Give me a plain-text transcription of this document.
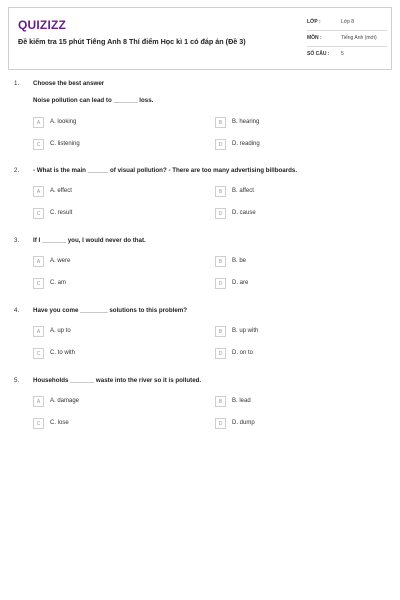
QUIZIZZ
Đề kiểm tra 15 phút Tiếng Anh 8 Thí điểm Học kì 1 có đáp án (Đề 3)
LỚP :	Lớp 8
MÔN :	Tiếng Anh (mới)
SỐ CÂU : 5
1. Choose the best answer
Noise pollution can lead to _______ loss.
A	A. looking	B	B. hearing
C	C. listening	D	D. reading
2. - What is the main ______ of visual pollution? - There are too many advertising billboards.
A	A. effect	B	B. affect
C	C. result	D	D. cause
3. If I _______ you, I would never do that.
A	A. were	B	B. be
C	C. am	D	D. are
4. Have you come ________ solutions to this problem?
A	A. up to	B	B. up with
C	C. to with	D	D. on to
5. Households _______ waste into the river so it is polluted.
A	A. damage	B	B. lead
C	C. lose	D	D. dump
